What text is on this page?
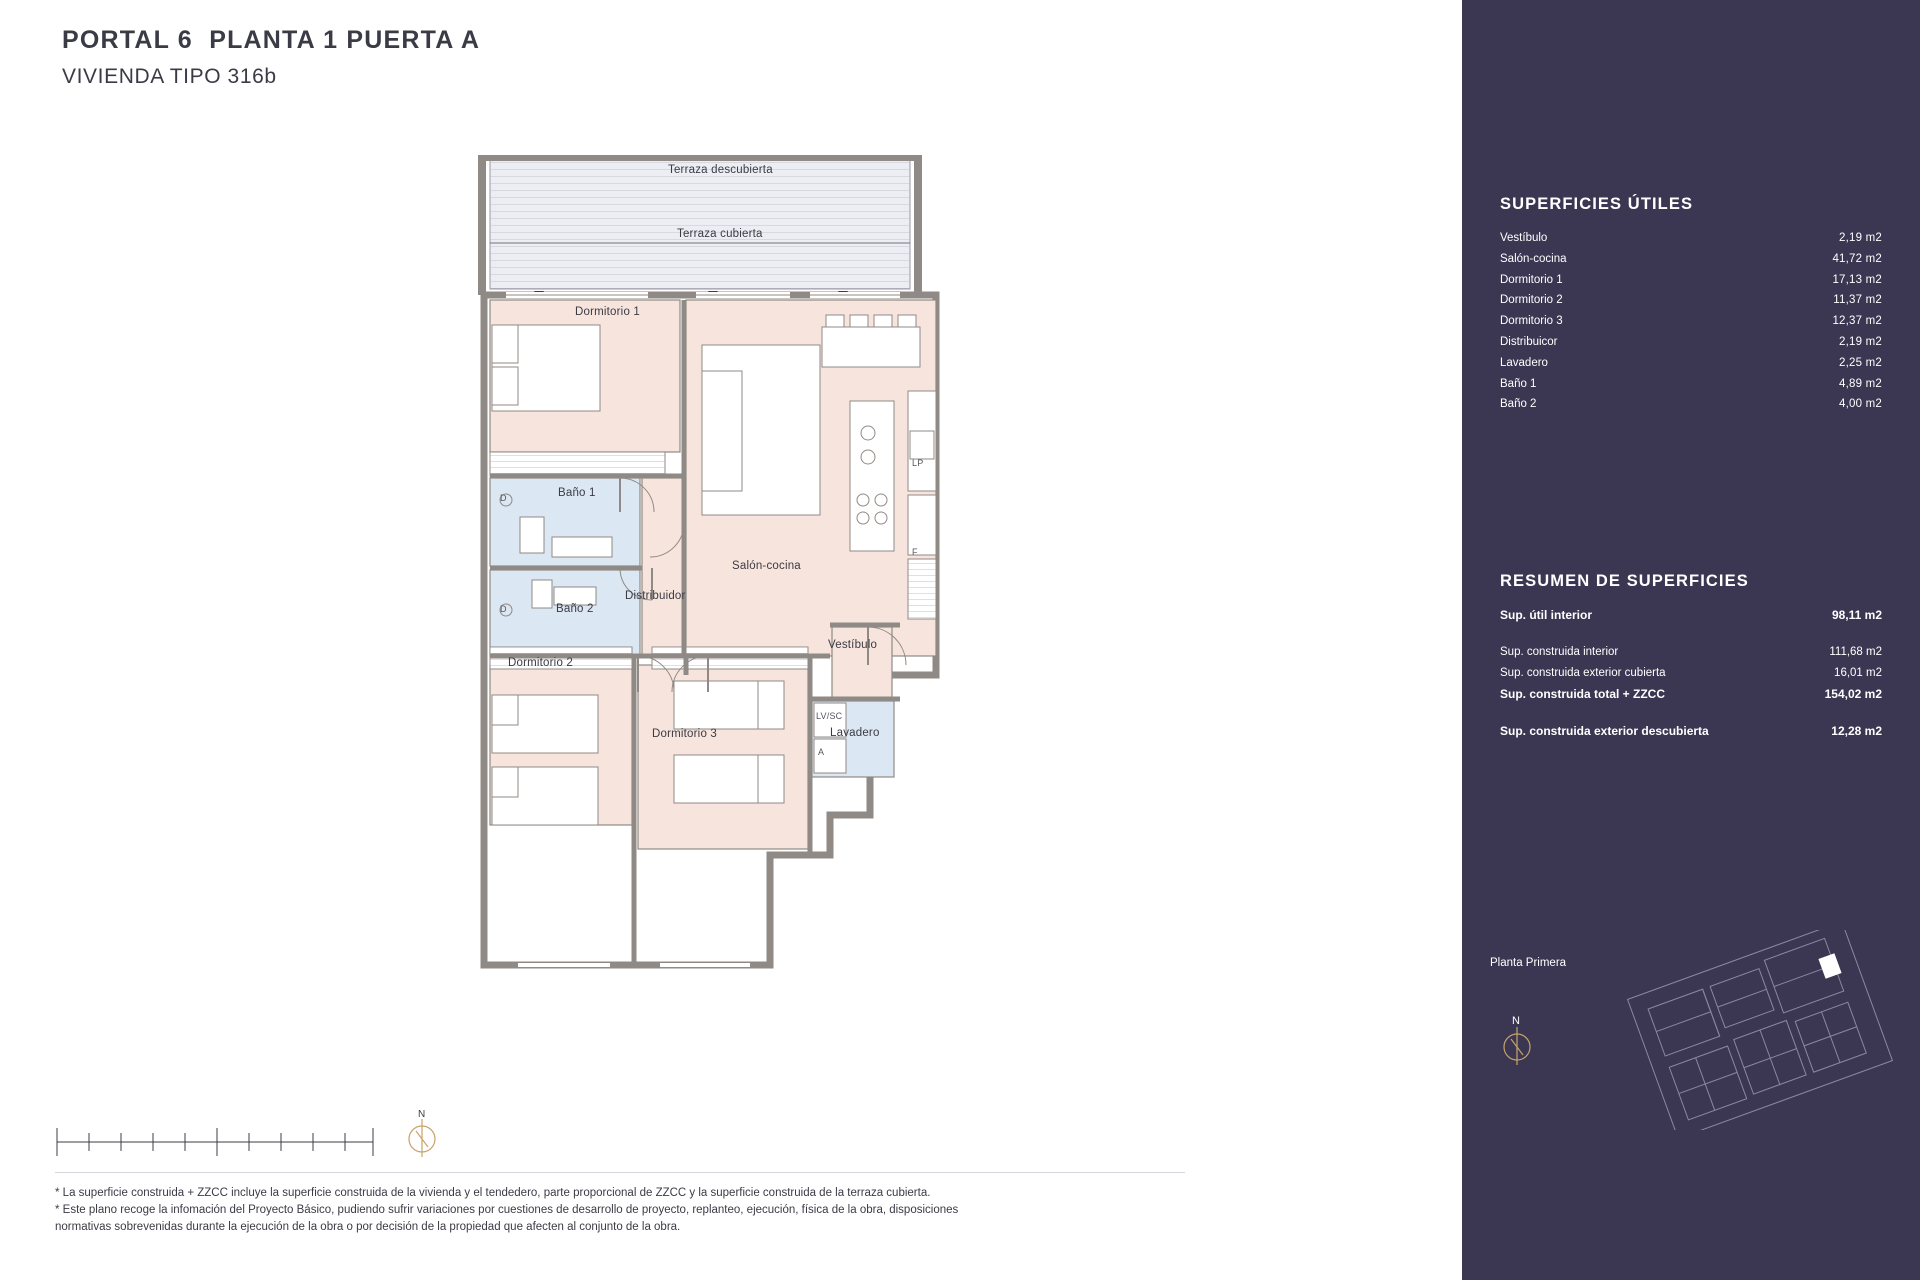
PORTAL 6  PLANTA 1 PUERTA A
VIVIENDA TIPO 316b
Terraza descubierta
Terraza cubierta
Dormitorio 1
Baño 1
Baño 2
Distribuidor
Salón-cocina
Vestíbulo
Lavadero
Dormitorio 2
Dormitorio 3
LP
F
LV/SC
A
D
D
N
* La superficie construida + ZZCC incluye la superficie construida de la vivienda y el tendedero, parte proporcional de ZZCC y la superficie construida de la terraza cubierta.
* Este plano recoge la infomación del Proyecto Básico, pudiendo sufrir variaciones por cuestiones de desarrollo de proyecto, replanteo, ejecución, física de la obra, disposiciones
normativas sobrevenidas durante la ejecución de la obra o por decisión de la propiedad que afecten al conjunto de la obra.
SUPERFICIES ÚTILES
Vestíbulo	2,19 m2
Salón-cocina	41,72 m2
Dormitorio 1	17,13 m2
Dormitorio 2	11,37 m2
Dormitorio 3	12,37 m2
Distribuicor	2,19 m2
Lavadero	2,25 m2
Baño 1	4,89 m2
Baño 2	4,00 m2
RESUMEN DE SUPERFICIES
Sup. útil interior	98,11 m2
Sup. construida interior	111,68 m2
Sup. construida exterior cubierta	16,01 m2
Sup. construida total + ZZCC	154,02 m2
Sup. construida exterior descubierta	12,28 m2
Planta Primera
N
